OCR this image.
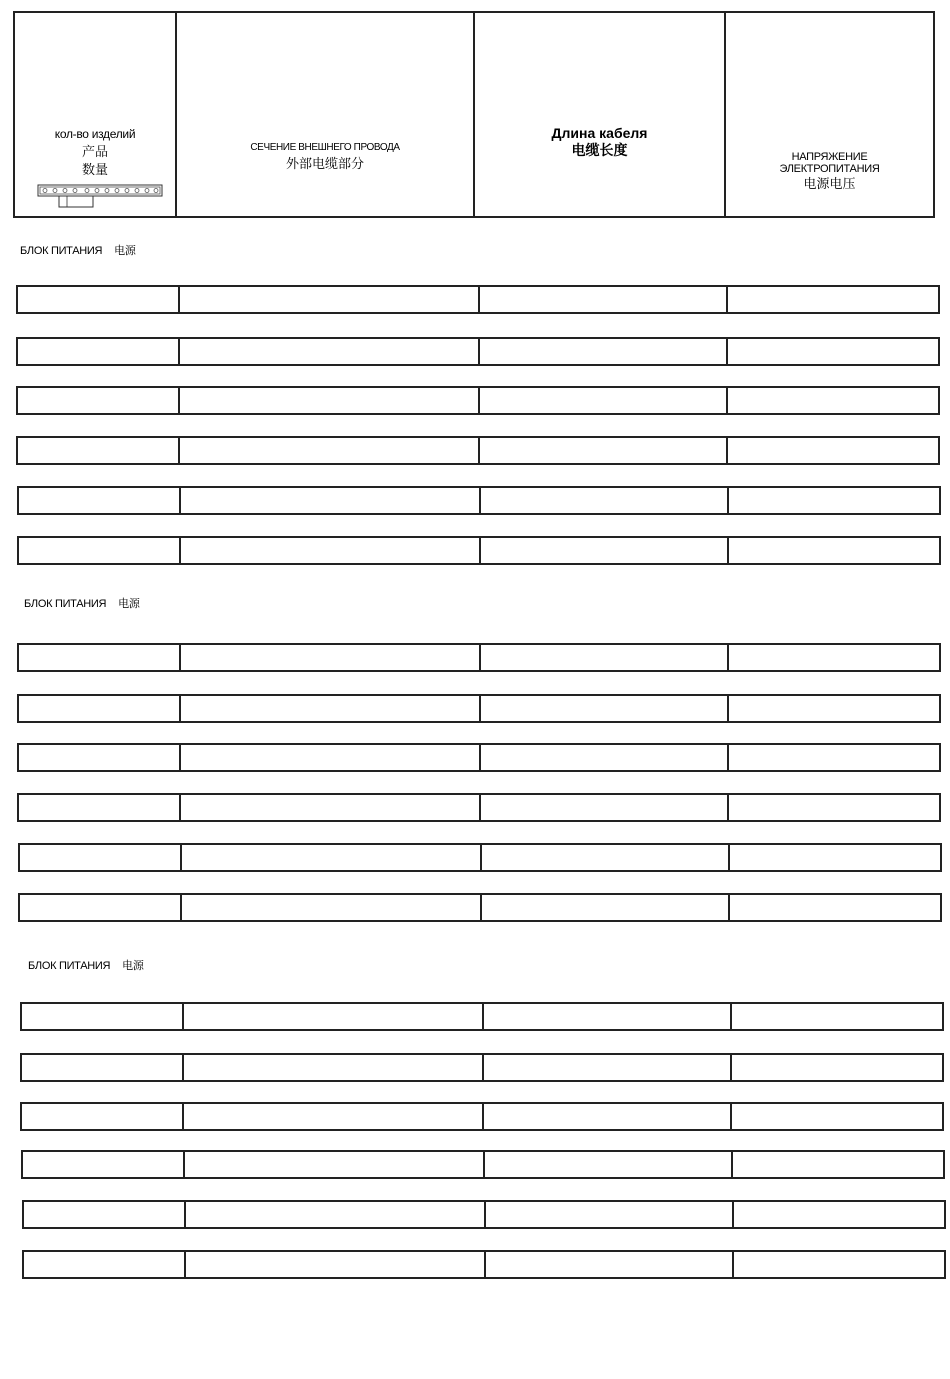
кол-во изделий
产品
数量
СЕЧЕНИЕ ВНЕШНЕГО ПРОВОДА
外部电缆部分
Длина кабеля
电缆长度	НАПРЯЖЕНИЕ
ЭЛЕКТРОПИТАНИЯ
电源电压
БЛОК ПИТАНИЯ 电源
БЛОК ПИТАНИЯ 电源
БЛОК ПИТАНИЯ 电源
